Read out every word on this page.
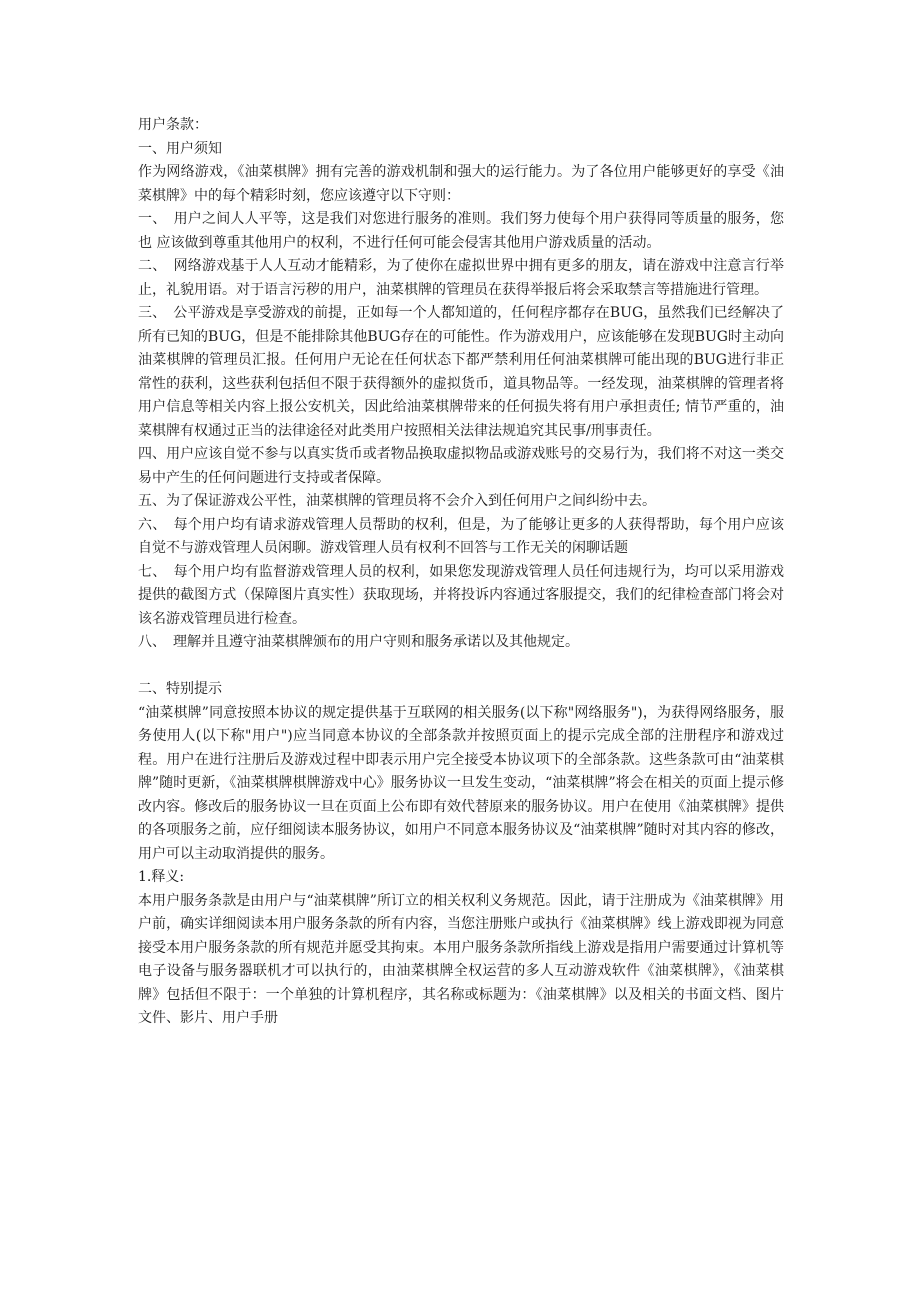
用户条款：

一、用户须知

作为网络游戏，《油菜棋牌》拥有完善的游戏机制和强大的运行能力。为了各位用户能够更好的享受《油菜棋牌》中的每个精彩时刻，您应该遵守以下守则：

一、　用户之间人人平等，这是我们对您进行服务的准则。我们努力使每个用户获得同等质量的服务，您也 应该做到尊重其他用户的权利，不进行任何可能会侵害其他用户游戏质量的活动。

二、　网络游戏基于人人互动才能精彩，为了使你在虚拟世界中拥有更多的朋友，请在游戏中注意言行举止，礼貌用语。对于语言污秽的用户，油菜棋牌的管理员在获得举报后将会采取禁言等措施进行管理。

三、　公平游戏是享受游戏的前提，正如每一个人都知道的，任何程序都存在BUG，虽然我们已经解决了所有已知的BUG，但是不能排除其他BUG存在的可能性。作为游戏用户，应该能够在发现BUG时主动向油菜棋牌的管理员汇报。任何用户无论在任何状态下都严禁利用任何油菜棋牌可能出现的BUG进行非正常性的获利，这些获利包括但不限于获得额外的虚拟货币，道具物品等。一经发现，油菜棋牌的管理者将用户信息等相关内容上报公安机关，因此给油菜棋牌带来的任何损失将有用户承担责任; 情节严重的，油菜棋牌有权通过正当的法律途径对此类用户按照相关法律法规追究其民事/刑事责任。

四、用户应该自觉不参与以真实货币或者物品换取虚拟物品或游戏账号的交易行为，我们将不对这一类交易中产生的任何问题进行支持或者保障。

五、为了保证游戏公平性，油菜棋牌的管理员将不会介入到任何用户之间纠纷中去。

六、　每个用户均有请求游戏管理人员帮助的权利，但是，为了能够让更多的人获得帮助，每个用户应该自觉不与游戏管理人员闲聊。游戏管理人员有权利不回答与工作无关的闲聊话题

七、　每个用户均有监督游戏管理人员的权利，如果您发现游戏管理人员任何违规行为，均可以采用游戏提供的截图方式（保障图片真实性）获取现场，并将投诉内容通过客服提交，我们的纪律检查部门将会对该名游戏管理员进行检查。

八、　理解并且遵守油菜棋牌颁布的用户守则和服务承诺以及其他规定。

二、特别提示

“油菜棋牌”同意按照本协议的规定提供基于互联网的相关服务(以下称"网络服务")，为获得网络服务，服务使用人(以下称"用户")应当同意本协议的全部条款并按照页面上的提示完成全部的注册程序和游戏过程。用户在进行注册后及游戏过程中即表示用户完全接受本协议项下的全部条款。这些条款可由“油菜棋牌”随时更新，《油菜棋牌棋牌游戏中心》服务协议一旦发生变动，“油菜棋牌”将会在相关的页面上提示修改内容。修改后的服务协议一旦在页面上公布即有效代替原来的服务协议。用户在使用《油菜棋牌》提供的各项服务之前，应仔细阅读本服务协议，如用户不同意本服务协议及“油菜棋牌”随时对其内容的修改，用户可以主动取消提供的服务。

1.释义:

本用户服务条款是由用户与“油菜棋牌”所订立的相关权利义务规范。因此，请于注册成为《油菜棋牌》用户前，确实详细阅读本用户服务条款的所有内容，当您注册账户或执行《油菜棋牌》线上游戏即视为同意接受本用户服务条款的所有规范并愿受其拘束。本用户服务条款所指线上游戏是指用户需要通过计算机等电子设备与服务器联机才可以执行的，由油菜棋牌全权运营的多人互动游戏软件《油菜棋牌》，《油菜棋牌》包括但不限于：一个单独的计算机程序，其名称或标题为：《油菜棋牌》以及相关的书面文档、图片文件、影片、用户手册
